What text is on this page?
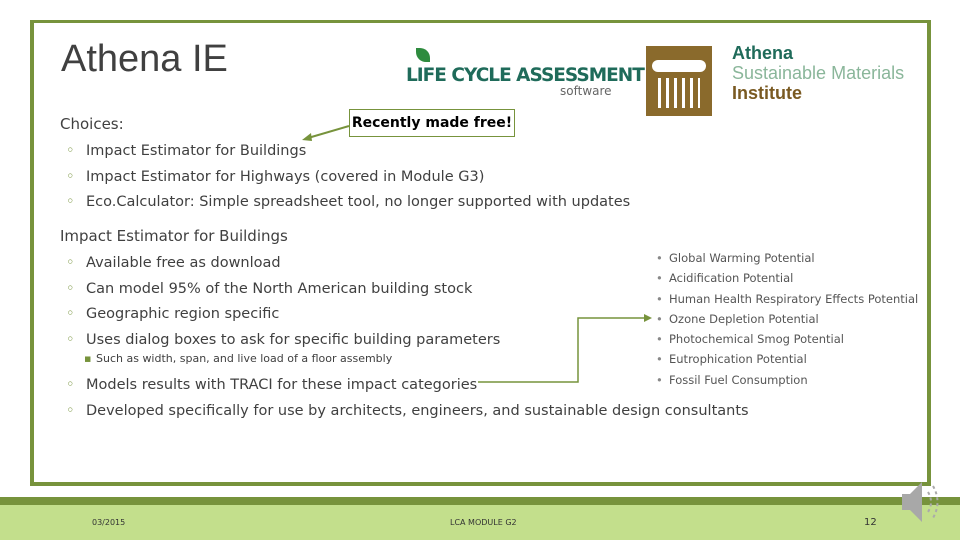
Athena IE	LIFE CYCLE ASSESSMENT
software
Athena
Sustainable Materials
Institute
Choices:	Recently made free!
◦ Impact Estimator for Buildings
◦ Impact Estimator for Highways (covered in Module G3)
◦ Eco.Calculator: Simple spreadsheet tool, no longer supported with updates
Impact Estimator for Buildings
◦ Available free as download
◦ Can model 95% of the North American building stock
◦ Geographic region specific
◦ Uses dialog boxes to ask for specific building parameters
▪ Such as width, span, and live load of a floor assembly
◦ Models results with TRACI for these impact categories
◦ Developed specifically for use by architects, engineers, and sustainable design consultants
• Global Warming Potential
• Acidification Potential
• Human Health Respiratory Effects Potential
• Ozone Depletion Potential
• Photochemical Smog Potential
• Eutrophication Potential
• Fossil Fuel Consumption
03/2015	LCA MODULE G2	12
